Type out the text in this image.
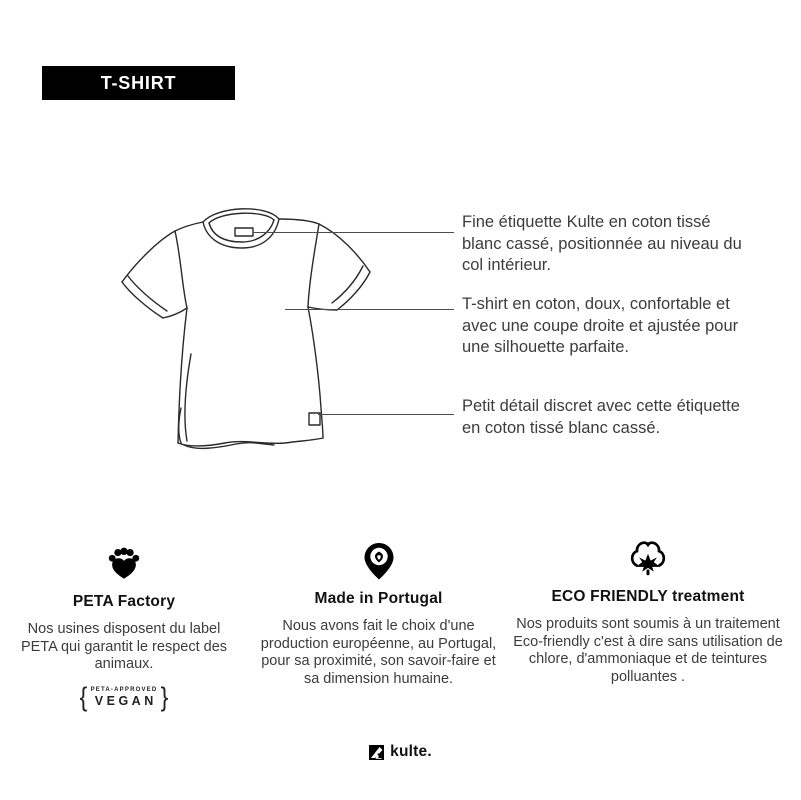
T-SHIRT
Fine étiquette Kulte en coton tissé blanc cassé, positionnée au niveau du col intérieur.
T-shirt en coton, doux, confortable et avec une coupe droite et ajustée pour une silhouette parfaite.
Petit détail discret avec cette étiquette en coton tissé blanc cassé.
PETA Factory

Nos usines disposent du label PETA qui garantit le respect des animaux.

{ PETA-APPROVED
VEGAN }
Made in Portugal

Nous avons fait le choix d'une production européenne, au Portugal, pour sa proximité, son savoir-faire et sa dimension humaine.

ECO FRIENDLY treatment

Nos produits sont soumis à un traitement Eco-friendly c'est à dire sans utilisation de chlore, d'ammoniaque et de teintures polluantes .

kulte.
